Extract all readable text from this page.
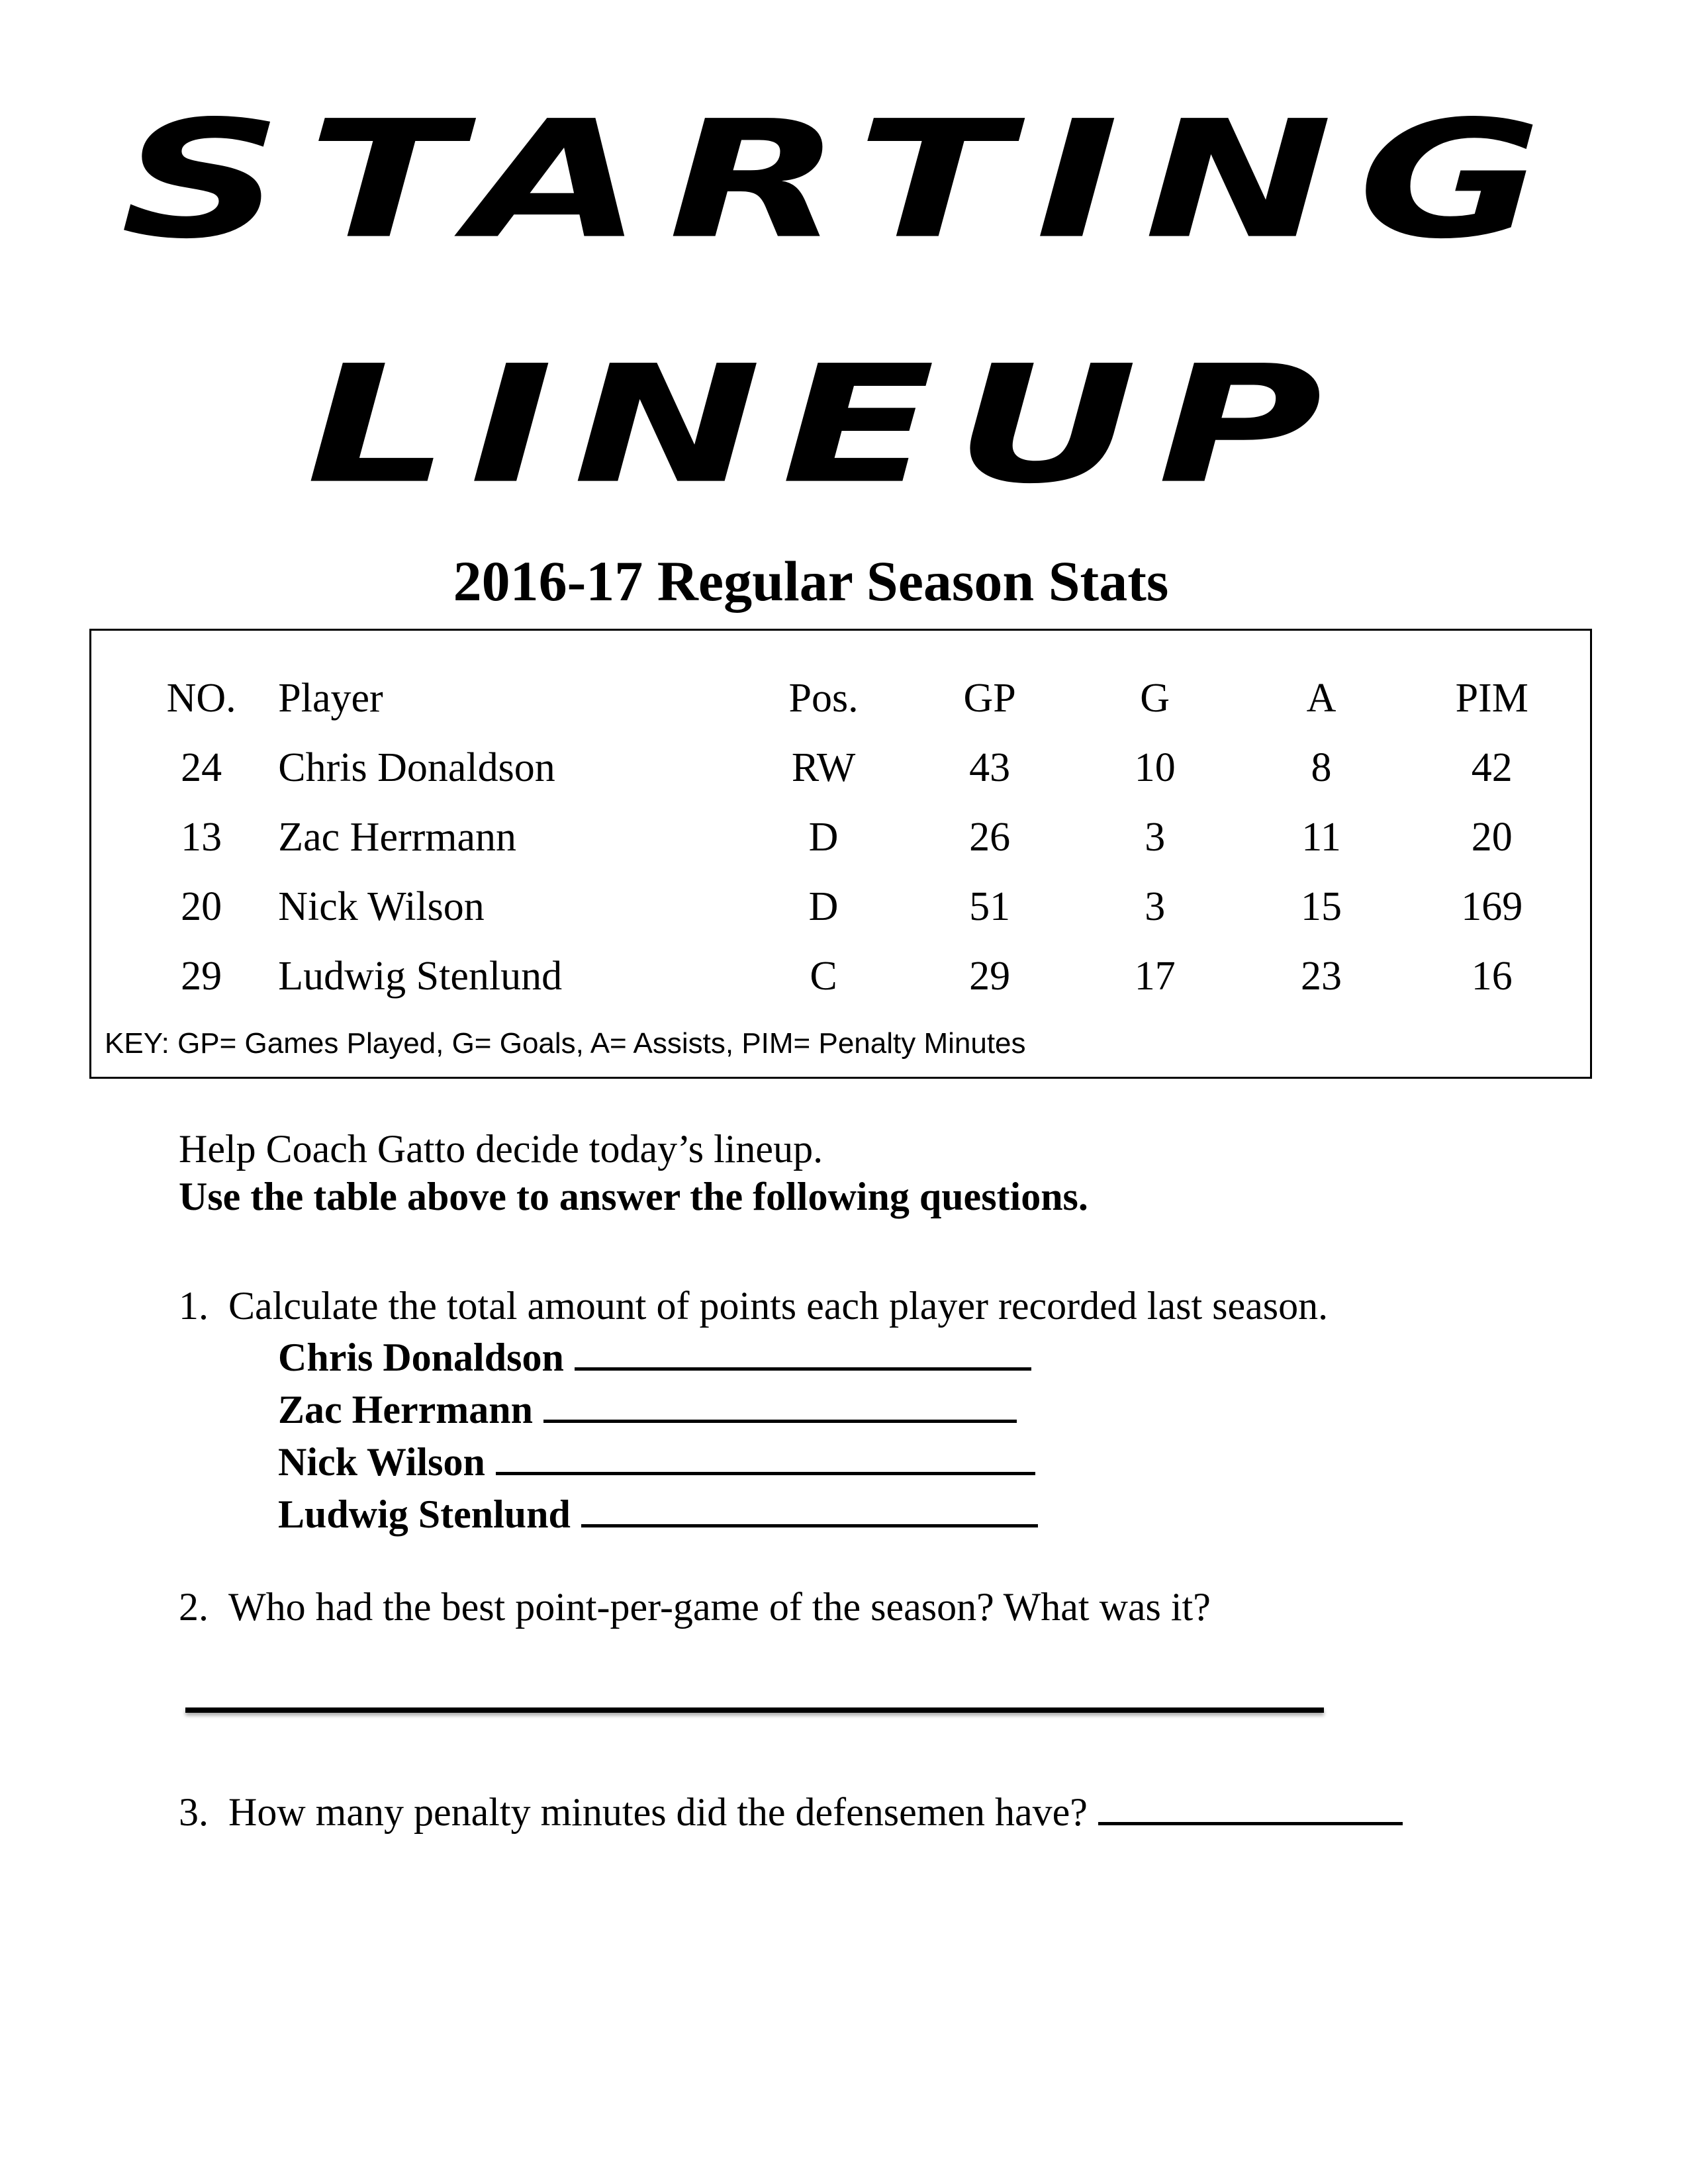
STARTING
LINEUP
2016-17 Regular Season Stats
NO.	Player	Pos.	GP	G	A	PIM
24	Chris Donaldson	RW	43	10	8	42
13	Zac Herrmann	D	26	3	11	20
20	Nick Wilson	D	51	3	15	169
29	Ludwig Stenlund	C	29	17	23	16
KEY: GP= Games Played, G= Goals, A= Assists, PIM= Penalty Minutes
Help Coach Gatto decide today’s lineup.
Use the table above to answer the following questions.
1. Calculate the total amount of points each player recorded last season.
Chris Donaldson
Zac Herrmann
Nick Wilson
Ludwig Stenlund
2. Who had the best point-per-game of the season? What was it?
3. How many penalty minutes did the defensemen have?
